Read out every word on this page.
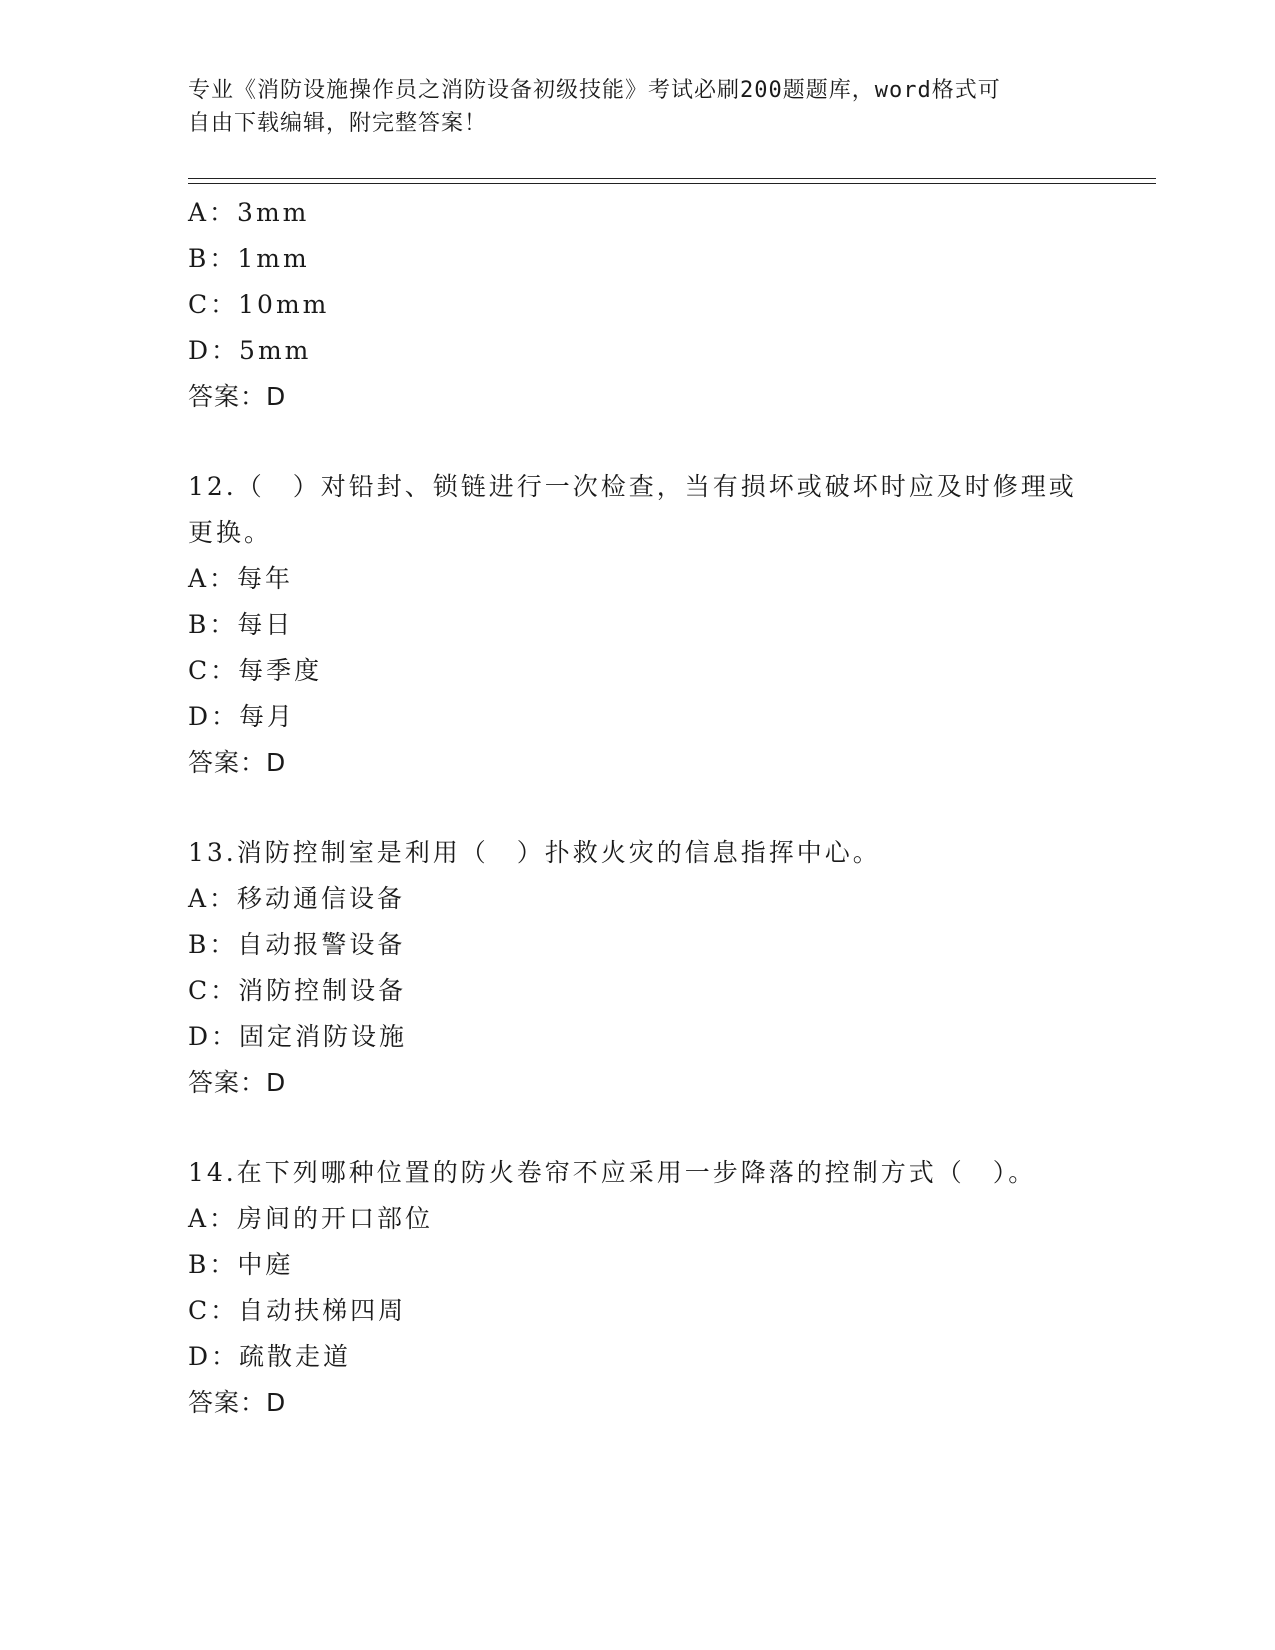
专业《消防设施操作员之消防设备初级技能》考试必刷200题题库，word格式可
自由下载编辑，附完整答案！
A：3mm
B：1mm
C：10mm
D：5mm
答案：D
12.（　）对铅封、锁链进行一次检查，当有损坏或破坏时应及时修理或更换。
A：每年
B：每日
C：每季度
D：每月
答案：D
13.消防控制室是利用（　）扑救火灾的信息指挥中心。
A：移动通信设备
B：自动报警设备
C：消防控制设备
D：固定消防设施
答案：D
14.在下列哪种位置的防火卷帘不应采用一步降落的控制方式（　）。
A：房间的开口部位
B：中庭
C：自动扶梯四周
D：疏散走道
答案：D
